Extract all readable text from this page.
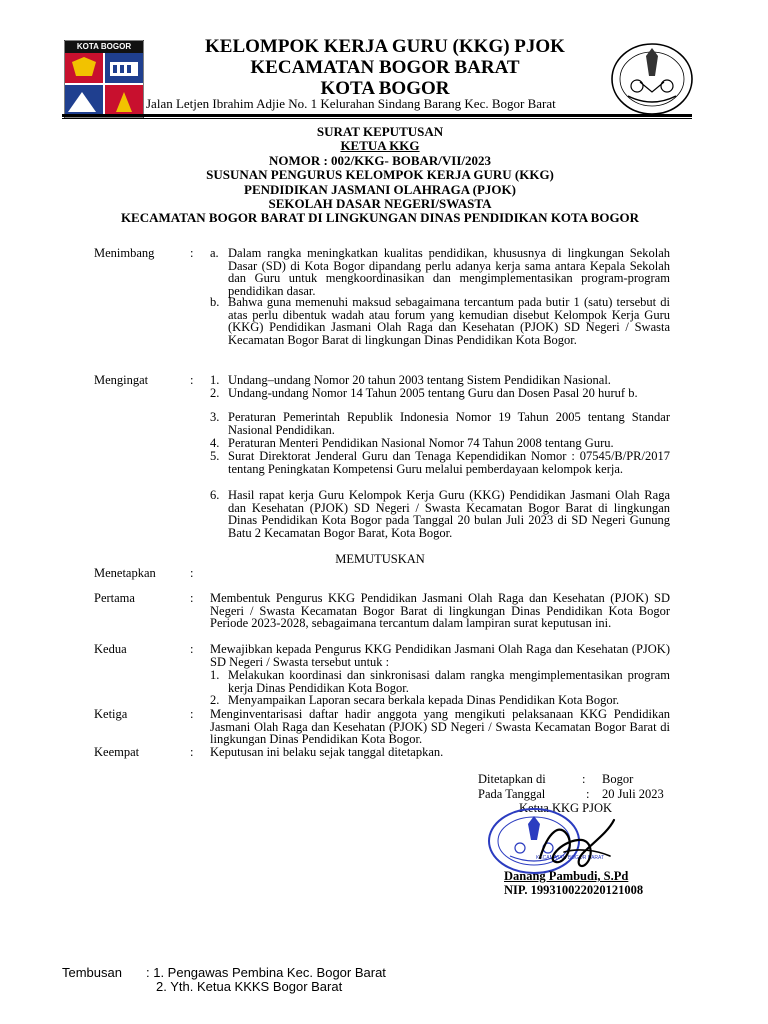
KOTA BOGOR	KELOMPOK KERJA GURU (KKG) PJOK
KECAMATAN BOGOR BARAT
KOTA BOGOR
Jalan Letjen Ibrahim Adjie No. 1 Kelurahan Sindang Barang Kec. Bogor Barat
SURAT KEPUTUSAN
KETUA KKG
NOMOR : 002/KKG- BOBAR/VII/2023
SUSUNAN PENGURUS KELOMPOK KERJA GURU (KKG)
PENDIDIKAN JASMANI OLAHRAGA (PJOK)
SEKOLAH DASAR NEGERI/SWASTA
KECAMATAN BOGOR BARAT DI LINGKUNGAN DINAS PENDIDIKAN KOTA BOGOR
Menimbang	: a. Dalam rangka meningkatkan kualitas pendidikan, khususnya di lingkungan Sekolah Dasar (SD) di Kota Bogor dipandang perlu adanya kerja sama antara Kepala Sekolah dan Guru untuk mengkoordinasikan dan mengimplementasikan program-program pendidikan dasar.
b. Bahwa guna memenuhi maksud sebagaimana tercantum pada butir 1 (satu) tersebut di atas perlu dibentuk wadah atau forum yang kemudian disebut Kelompok Kerja Guru (KKG) Pendidikan Jasmani Olah Raga dan Kesehatan (PJOK) SD Negeri / Swasta Kecamatan Bogor Barat di lingkungan Dinas Pendidikan Kota Bogor.
Mengingat	: 1. Undang–undang Nomor 20 tahun 2003 tentang Sistem Pendidikan Nasional.
2. Undang-undang Nomor 14 Tahun 2005 tentang Guru dan Dosen Pasal 20 huruf b.
3. Peraturan Pemerintah Republik Indonesia Nomor 19 Tahun 2005 tentang Standar Nasional Pendidikan.
4. Peraturan Menteri Pendidikan Nasional Nomor 74 Tahun 2008 tentang Guru.
5. Surat Direktorat Jenderal Guru dan Tenaga Kependidikan Nomor : 07545/B/PR/2017 tentang Peningkatan Kompetensi Guru melalui pemberdayaan kelompok kerja.
6. Hasil rapat kerja Guru Kelompok Kerja Guru (KKG) Pendidikan Jasmani Olah Raga dan Kesehatan (PJOK) SD Negeri / Swasta Kecamatan Bogor Barat di lingkungan Dinas Pendidikan Kota Bogor pada Tanggal 20 bulan Juli 2023 di SD Negeri Gunung Batu 2 Kecamatan Bogor Barat, Kota Bogor.
MEMUTUSKAN
Menetapkan	:
Pertama	: Membentuk Pengurus KKG Pendidikan Jasmani Olah Raga dan Kesehatan (PJOK) SD Negeri / Swasta Kecamatan Bogor Barat di lingkungan Dinas Pendidikan Kota Bogor Periode 2023-2028, sebagaimana tercantum dalam lampiran surat keputusan ini.
Kedua	: Mewajibkan kepada Pengurus KKG Pendidikan Jasmani Olah Raga dan Kesehatan (PJOK) SD Negeri / Swasta tersebut untuk :
1. Melakukan koordinasi dan sinkronisasi dalam rangka mengimplementasikan program kerja Dinas Pendidikan Kota Bogor.
2. Menyampaikan Laporan secara berkala kepada Dinas Pendidikan Kota Bogor.
Ketiga	: Menginventarisasi daftar hadir anggota yang mengikuti pelaksanaan KKG Pendidikan Jasmani Olah Raga dan Kesehatan (PJOK) SD Negeri / Swasta Kecamatan Bogor Barat di lingkungan Dinas Pendidikan Kota Bogor.
Keempat	: Keputusan ini belaku sejak tanggal ditetapkan.
Ditetapkan di	: Bogor
Pada Tanggal	: 20 Juli 2023
Ketua KKG PJOK
KECAMATAN BOGOR BARAT
Danang Pambudi, S.Pd
NIP. 199310022020121008
Tembusan : 1. Pengawas Pembina Kec. Bogor Barat
2. Yth. Ketua KKKS Bogor Barat
